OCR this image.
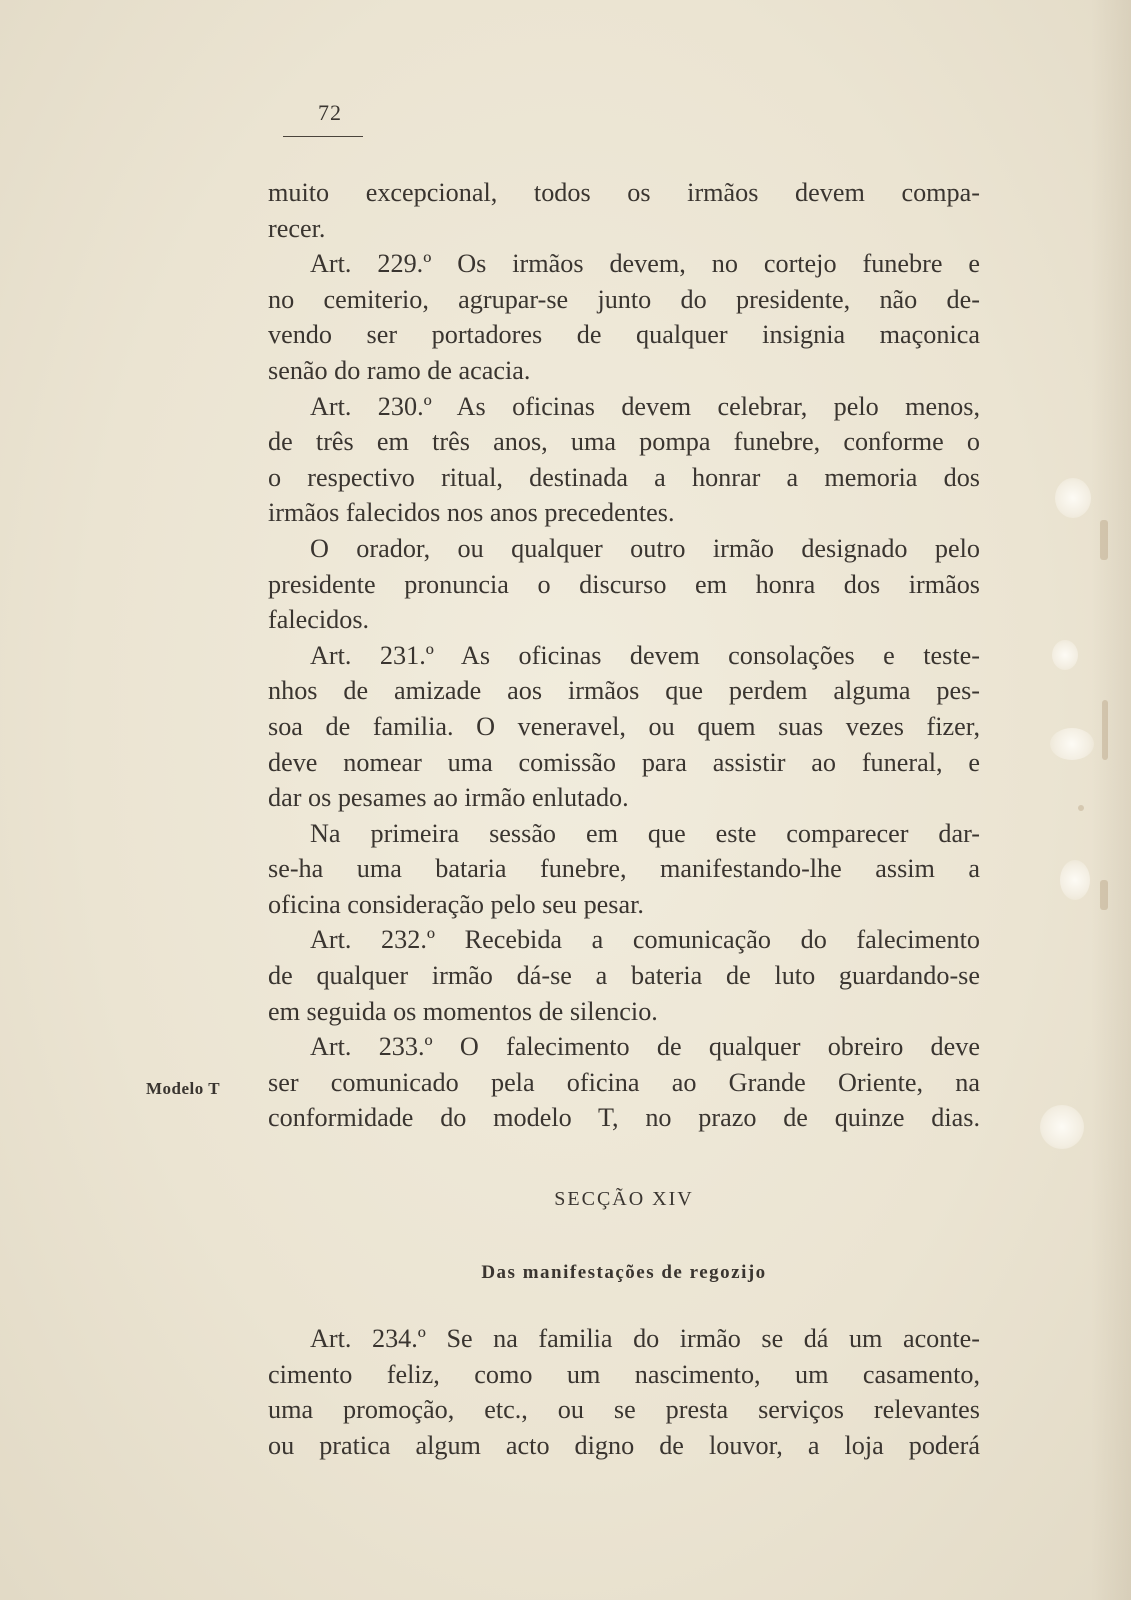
72
Modelo T
muito excepcional, todos os irmãos devem compa-
recer.
Art. 229.º Os irmãos devem, no cortejo funebre e
no cemiterio, agrupar-se junto do presidente, não de-
vendo ser portadores de qualquer insignia maçonica
senão do ramo de acacia.
Art. 230.º As oficinas devem celebrar, pelo menos,
de três em três anos, uma pompa funebre, conforme o
o respectivo ritual, destinada a honrar a memoria dos
irmãos falecidos nos anos precedentes.
O orador, ou qualquer outro irmão designado pelo
presidente pronuncia o discurso em honra dos irmãos
falecidos.
Art. 231.º As oficinas devem consolações e teste-
nhos de amizade aos irmãos que perdem alguma pes-
soa de familia. O veneravel, ou quem suas vezes fizer,
deve nomear uma comissão para assistir ao funeral, e
dar os pesames ao irmão enlutado.
Na primeira sessão em que este comparecer dar-
se-ha uma bataria funebre, manifestando-lhe assim a
oficina consideração pelo seu pesar.
Art. 232.º Recebida a comunicação do falecimento
de qualquer irmão dá-se a bateria de luto guardando-se
em seguida os momentos de silencio.
Art. 233.º O falecimento de qualquer obreiro deve
ser comunicado pela oficina ao Grande Oriente, na
conformidade do modelo T, no prazo de quinze dias.
SECÇÃO XIV
Das manifestações de regozijo
Art. 234.º Se na familia do irmão se dá um aconte-
cimento feliz, como um nascimento, um casamento,
uma promoção, etc., ou se presta serviços relevantes
ou pratica algum acto digno de louvor, a loja poderá
